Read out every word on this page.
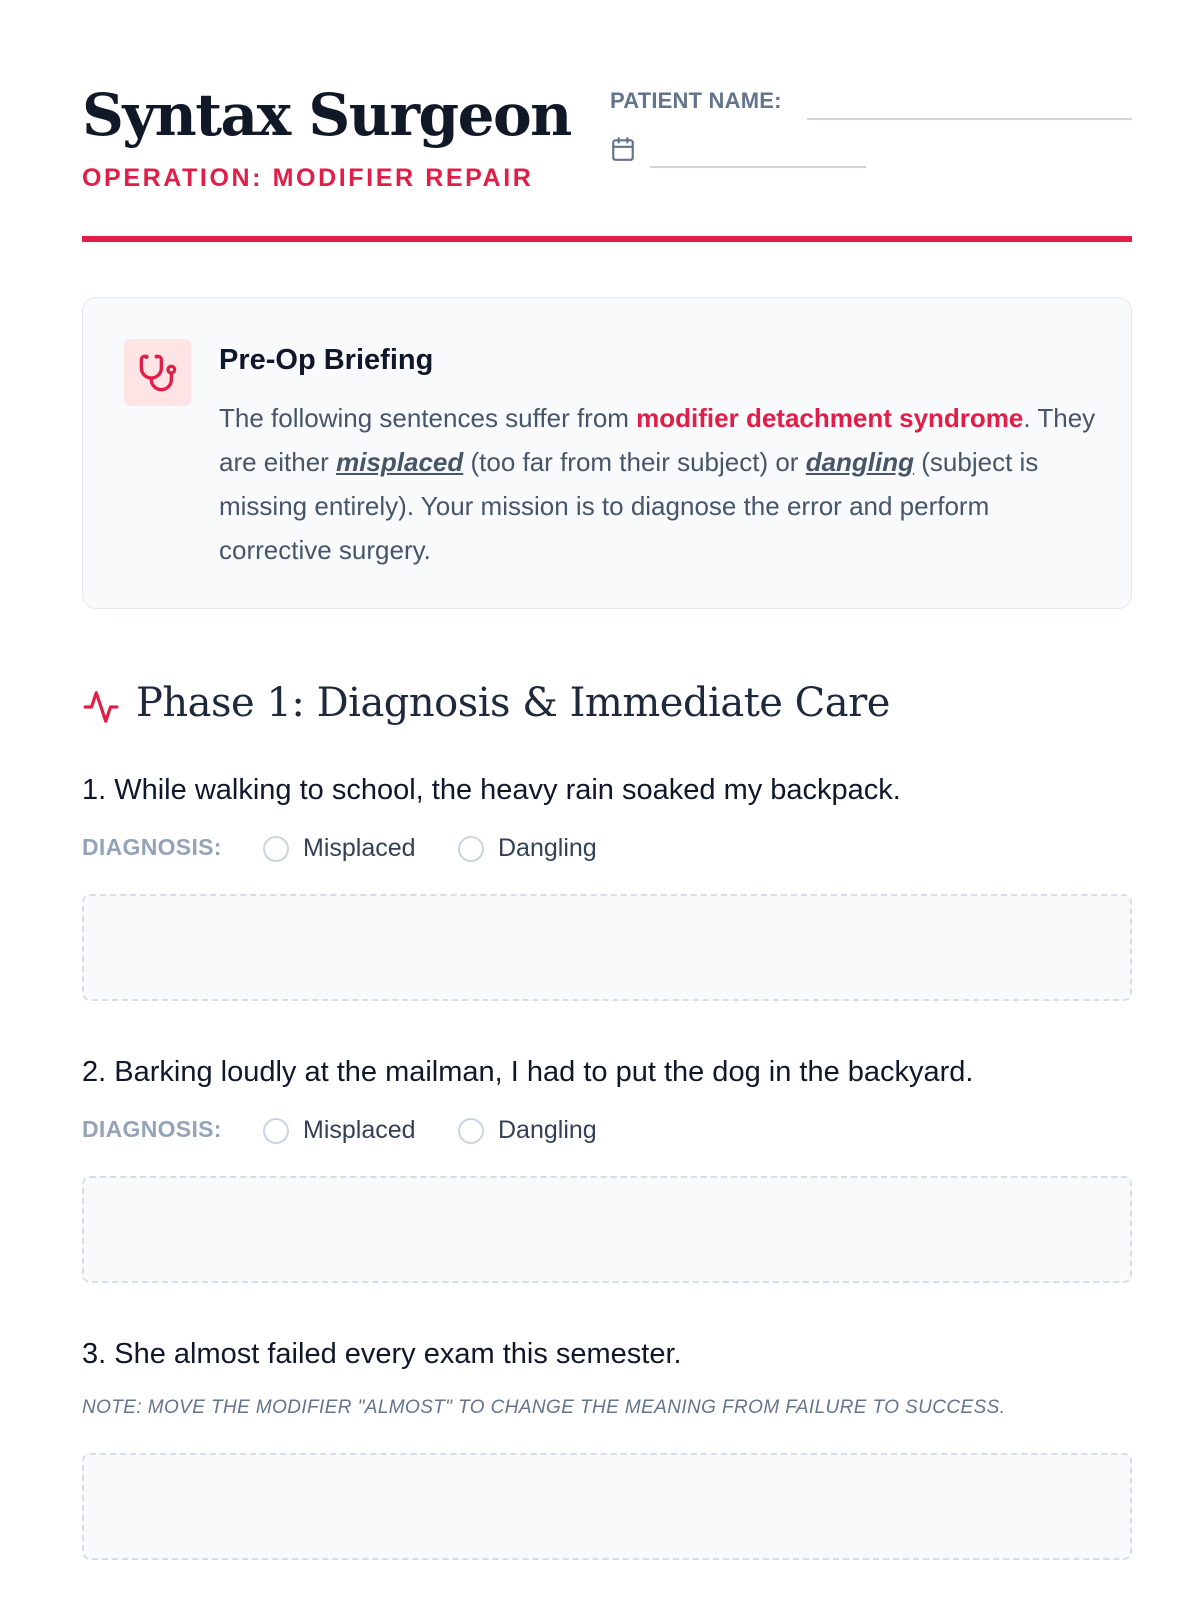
Syntax Surgeon
OPERATION: MODIFIER REPAIR
PATIENT NAME:
Pre-Op Briefing
The following sentences suffer from modifier detachment syndrome. They are either misplaced (too far from their subject) or dangling (subject is missing entirely). Your mission is to diagnose the error and perform corrective surgery.
Phase 1: Diagnosis & Immediate Care
1. While walking to school, the heavy rain soaked my backpack.
DIAGNOSIS:	Misplaced	Dangling
2. Barking loudly at the mailman, I had to put the dog in the backyard.
DIAGNOSIS:	Misplaced	Dangling
3. She almost failed every exam this semester.
NOTE: MOVE THE MODIFIER "ALMOST" TO CHANGE THE MEANING FROM FAILURE TO SUCCESS.
